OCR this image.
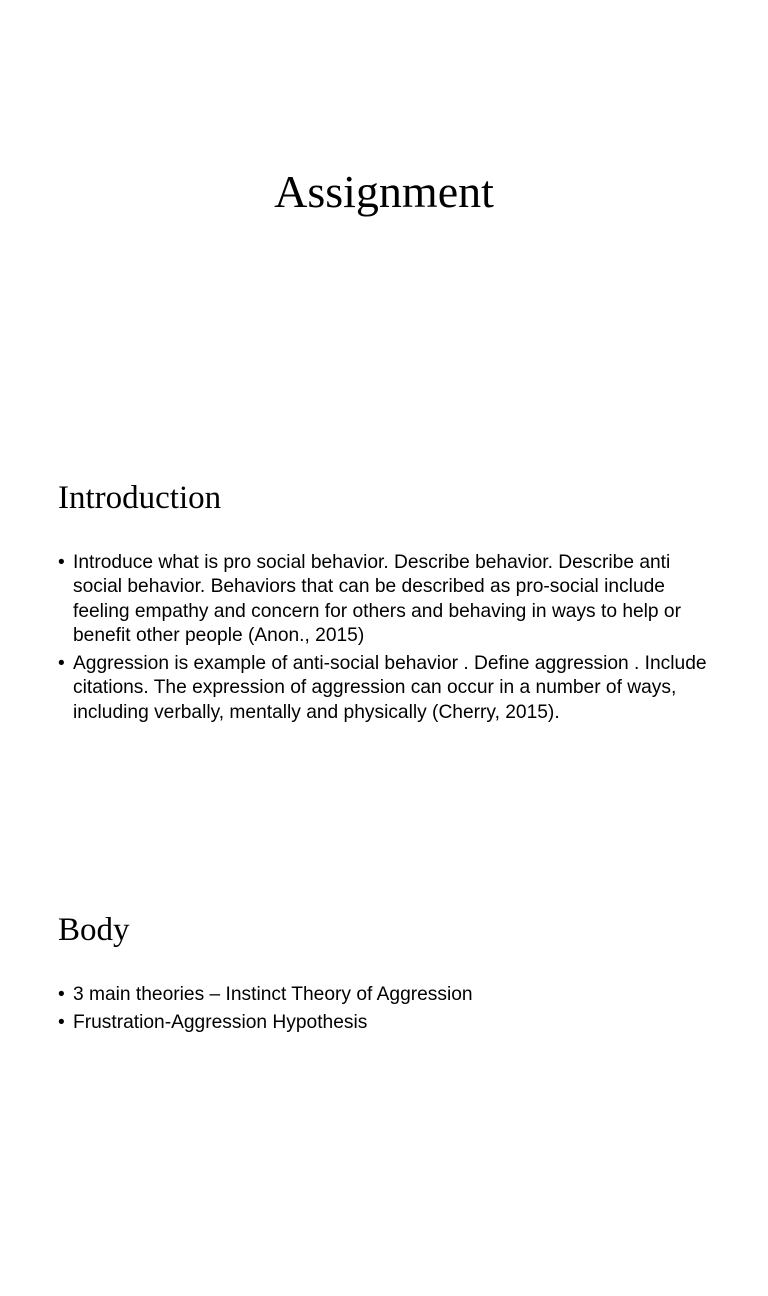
Assignment
Introduction
• Introduce what is pro social behavior. Describe behavior. Describe anti social behavior. Behaviors that can be described as pro-social include feeling empathy and concern for others and behaving in ways to help or benefit other people (Anon., 2015)
• Aggression is example of anti-social behavior . Define aggression . Include citations. The expression of aggression can occur in a number of ways, including verbally, mentally and physically (Cherry, 2015).
Body
• 3 main theories – Instinct Theory of Aggression
• Frustration-Aggression Hypothesis
